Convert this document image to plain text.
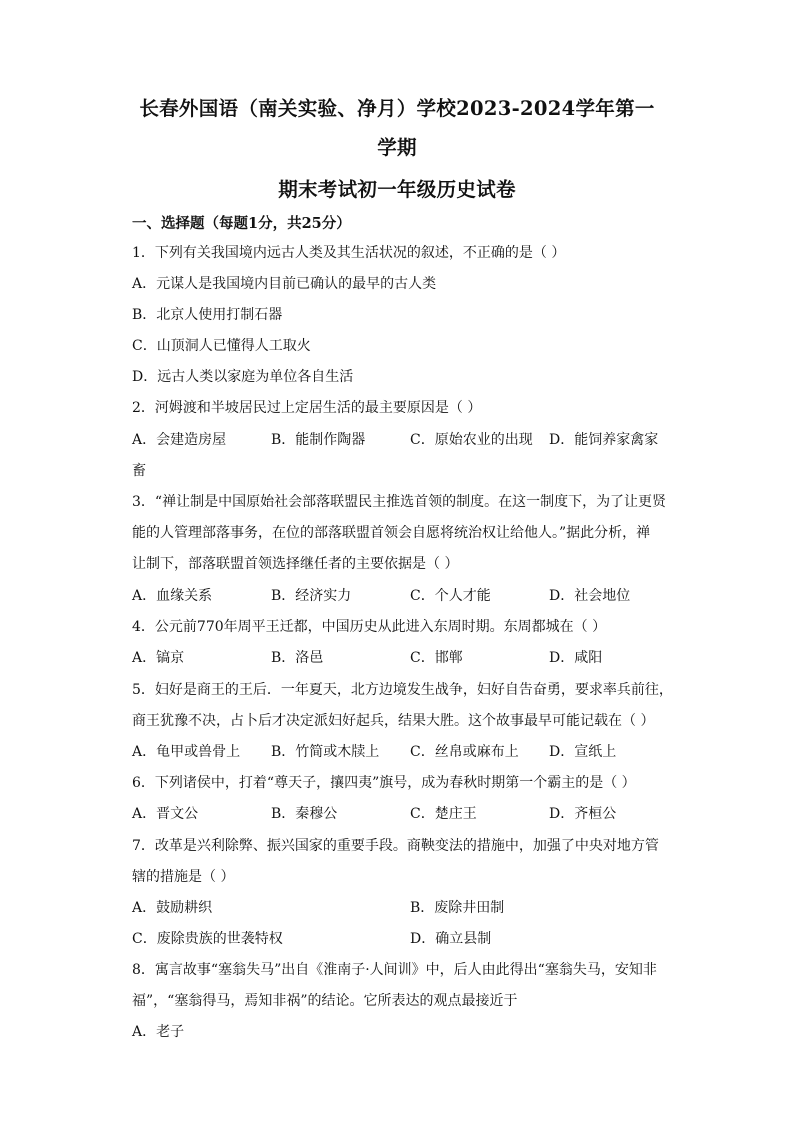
长春外国语（南关实验、净月）学校2023-2024学年第一
学期
期末考试初一年级历史试卷
一、选择题（每题1分，共25分）
1．下列有关我国境内远古人类及其生活状况的叙述，不正确的是（ ）
A．元谋人是我国境内目前已确认的最早的古人类
B．北京人使用打制石器
C．山顶洞人已懂得人工取火
D．远古人类以家庭为单位各自生活
2．河姆渡和半坡居民过上定居生活的最主要原因是（ ）
A．会建造房屋	B．能制作陶器	C．原始农业的出现 D．能饲养家禽家
畜
3．“禅让制是中国原始社会部落联盟民主推选首领的制度。在这一制度下，为了让更贤
能的人管理部落事务，在位的部落联盟首领会自愿将统治权让给他人。”据此分析，禅
让制下，部落联盟首领选择继任者的主要依据是（ ）
A．血缘关系	B．经济实力	C．个人才能	D．社会地位
4．公元前770年周平王迁都，中国历史从此进入东周时期。东周都城在（ ）
A．镐京	B．洛邑	C．邯郸	D．咸阳
5．妇好是商王的王后．一年夏天，北方边境发生战争，妇好自告奋勇，要求率兵前往，
商王犹豫不决，占卜后才决定派妇好起兵，结果大胜。这个故事最早可能记载在（ ）
A．龟甲或兽骨上 B．竹简或木牍上 C．丝帛或麻布上 D．宣纸上
6．下列诸侯中，打着“尊天子，攘四夷”旗号，成为春秋时期第一个霸主的是（ ）
A．晋文公	B．秦穆公	C．楚庄王	D．齐桓公
7．改革是兴利除弊、振兴国家的重要手段。商鞅变法的措施中，加强了中央对地方管
辖的措施是（ ）
A．鼓励耕织	B．废除井田制
C．废除贵族的世袭特权	D．确立县制
8．寓言故事“塞翁失马”出自《淮南子·人间训》中，后人由此得出“塞翁失马，安知非
福”，“塞翁得马，焉知非祸”的结论。它所表达的观点最接近于
A．老子
